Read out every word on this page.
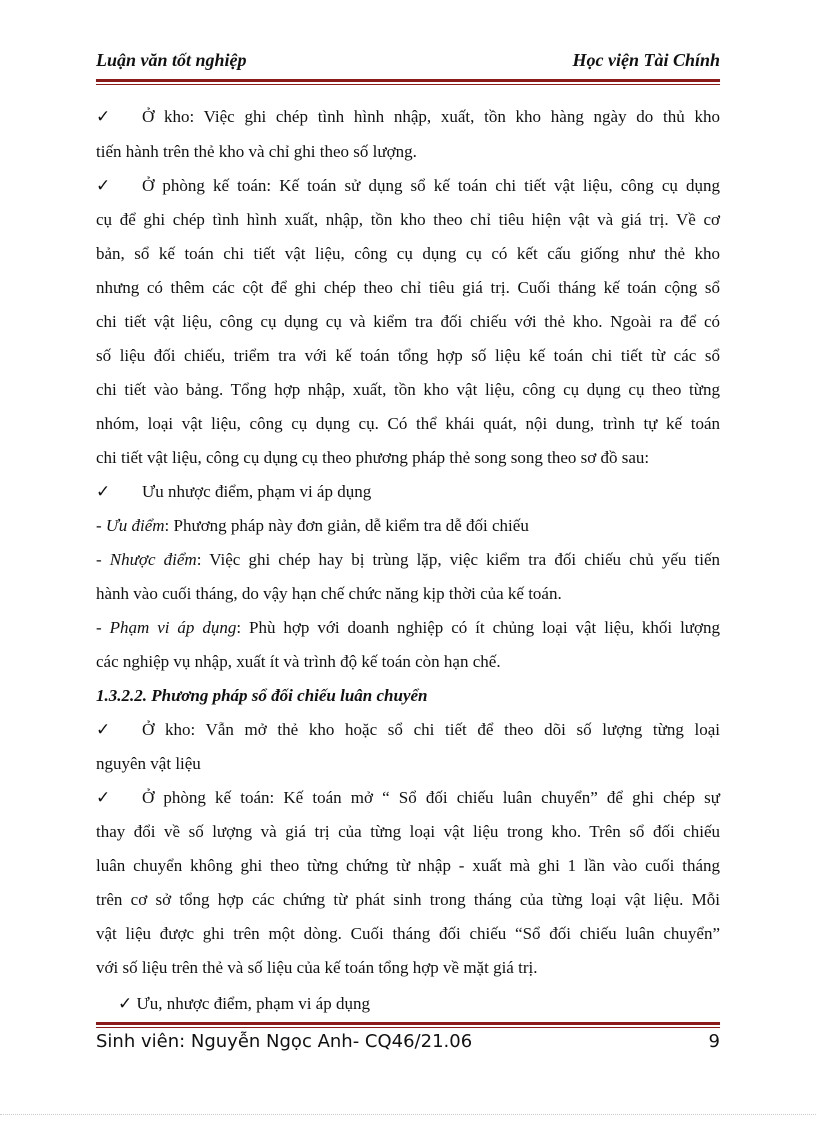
Luận văn tốt nghiệp	Học viện Tài Chính
✓ Ở kho: Việc ghi chép tình hình nhập, xuất, tồn kho hàng ngày do thủ kho
tiến hành trên thẻ kho và chỉ ghi theo số lượng.
✓ Ở phòng kế toán: Kế toán sử dụng sổ kế toán chi tiết vật liệu, công cụ dụng
cụ để ghi chép tình hình xuất, nhập, tồn kho theo chỉ tiêu hiện vật và giá trị. Về cơ
bản, sổ kế toán chi tiết vật liệu, công cụ dụng cụ có kết cấu giống như thẻ kho
nhưng có thêm các cột để ghi chép theo chỉ tiêu giá trị. Cuối tháng kế toán cộng sổ
chi tiết vật liệu, công cụ dụng cụ và kiểm tra đối chiếu với thẻ kho. Ngoài ra để có
số liệu đối chiếu, triểm tra với kế toán tổng hợp số liệu kế toán chi tiết từ các sổ
chi tiết vào bảng. Tổng hợp nhập, xuất, tồn kho vật liệu, công cụ dụng cụ theo từng
nhóm, loại vật liệu, công cụ dụng cụ. Có thể khái quát, nội dung, trình tự kế toán
chi tiết vật liệu, công cụ dụng cụ theo phương pháp thẻ song song theo sơ đồ sau:
✓ Ưu nhược điểm, phạm vi áp dụng
- Ưu điểm: Phương pháp này đơn giản, dễ kiểm tra dễ đối chiếu
- Nhược điểm: Việc ghi chép hay bị trùng lặp, việc kiểm tra đối chiếu chủ yếu tiến
hành vào cuối tháng, do vậy hạn chế chức năng kịp thời của kế toán.
- Phạm vi áp dụng: Phù hợp với doanh nghiệp có ít chủng loại vật liệu, khối lượng
các nghiệp vụ nhập, xuất ít và trình độ kế toán còn hạn chế.
1.3.2.2. Phương pháp sổ đối chiếu luân chuyển
✓ Ở kho: Vẫn mở thẻ kho hoặc sổ chi tiết để theo dõi số lượng từng loại
nguyên vật liệu
✓ Ở phòng kế toán: Kế toán mở “ Sổ đối chiếu luân chuyển” để ghi chép sự
thay đổi về số lượng và giá trị của từng loại vật liệu trong kho. Trên sổ đối chiếu
luân chuyển không ghi theo từng chứng từ nhập - xuất mà ghi 1 lần vào cuối tháng
trên cơ sở tổng hợp các chứng từ phát sinh trong tháng của từng loại vật liệu. Mỗi
vật liệu được ghi trên một dòng. Cuối tháng đối chiếu “Sổ đối chiếu luân chuyển”
với số liệu trên thẻ và số liệu của kế toán tổng hợp về mặt giá trị.
✓ Ưu, nhược điểm, phạm vi áp dụng
Sinh viên: Nguyễn Ngọc Anh- CQ46/21.06	9
